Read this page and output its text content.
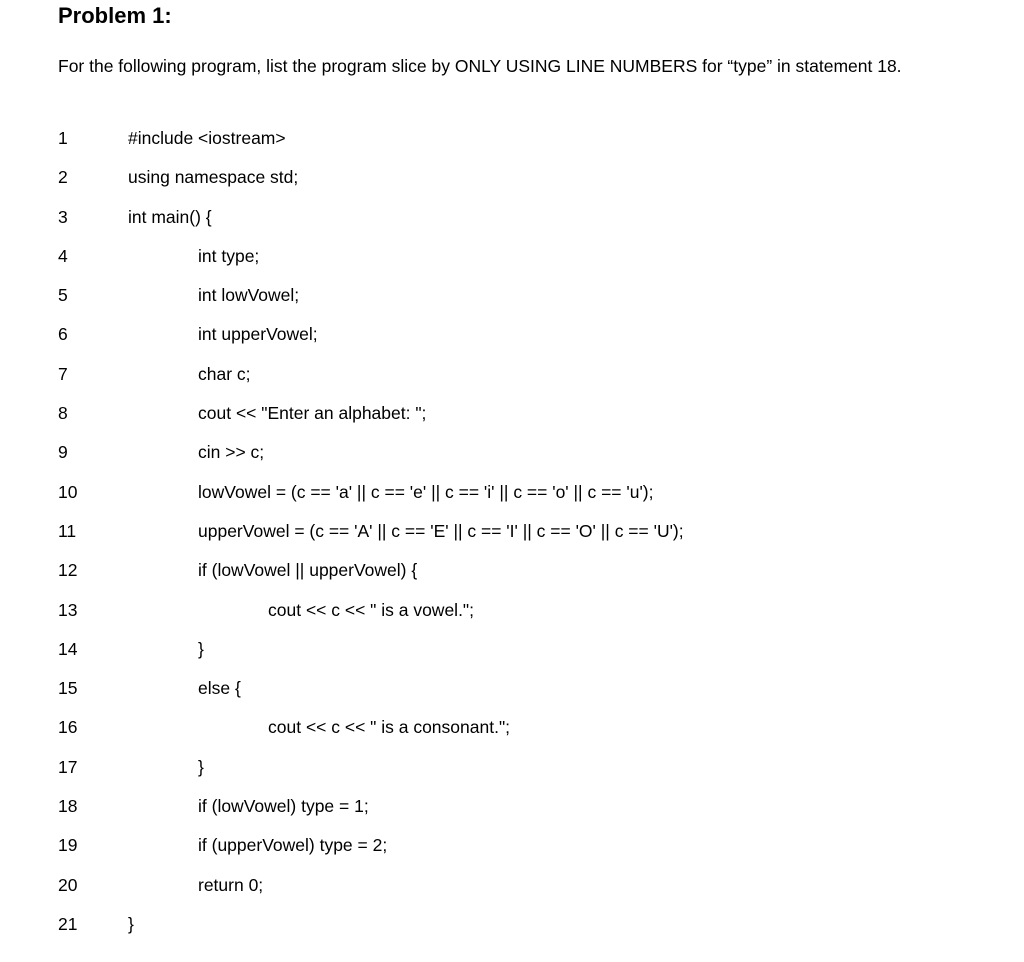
Problem 1:
For the following program, list the program slice by ONLY USING LINE NUMBERS for “type” in statement 18.
1	#include <iostream>
2	using namespace std;
3	int main() {
4	int type;
5	int lowVowel;
6	int upperVowel;
7	char c;
8	cout << "Enter an alphabet: ";
9	cin >> c;
10	lowVowel = (c == 'a' || c == 'e' || c == 'i' || c == 'o' || c == 'u');
11	upperVowel = (c == 'A' || c == 'E' || c == 'I' || c == 'O' || c == 'U');
12	if (lowVowel || upperVowel) {
13	cout << c << " is a vowel.";
14	}
15	else {
16	cout << c << " is a consonant.";
17	}
18	if (lowVowel) type = 1;
19	if (upperVowel) type = 2;
20	return 0;
21	}
